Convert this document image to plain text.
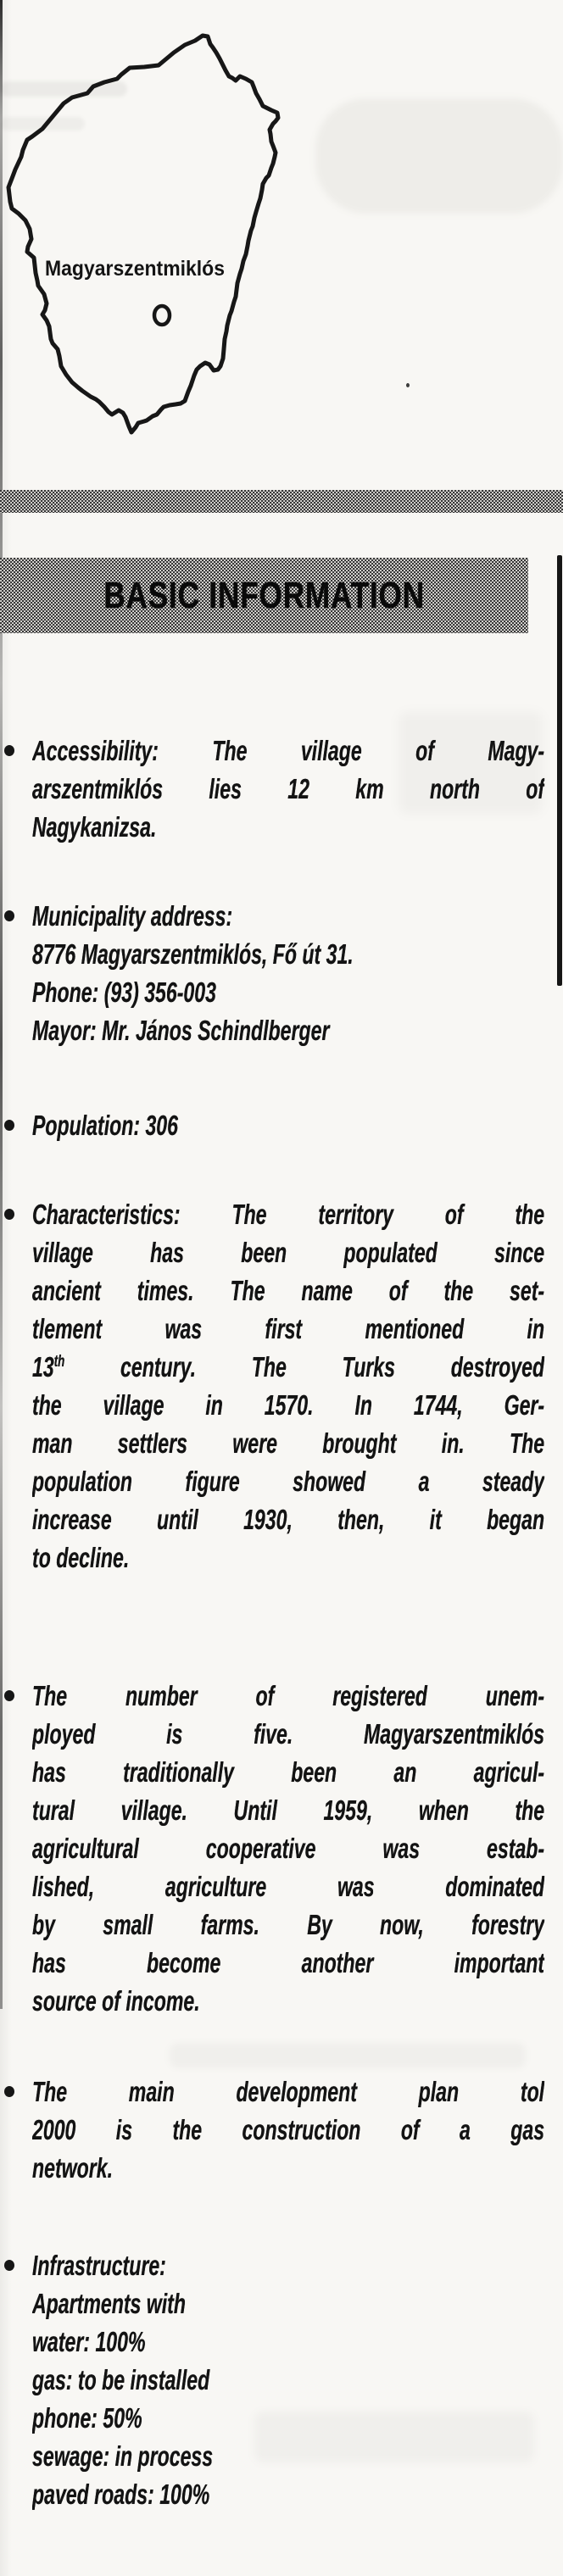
Magyarszentmiklós
BASIC INFORMATION
Accessibility: The village of Magy-
arszentmiklós lies 12 km north of
Nagykanizsa.
Municipality address:
8776 Magyarszentmiklós, Fő út 31.
Phone: (93) 356-003
Mayor: Mr. János Schindlberger
Population: 306
Characteristics: The territory of the
village has been populated since
ancient times. The name of the set-
tlement was first mentioned in
13th century. The Turks destroyed
the village in 1570. In 1744, Ger-
man settlers were brought in. The
population figure showed a steady
increase until 1930, then, it began
to decline.
The number of registered unem-
ployed is five. Magyarszentmiklós
has traditionally been an agricul-
tural village. Until 1959, when the
agricultural cooperative was estab-
lished, agriculture was dominated
by small farms. By now, forestry
has become another important
source of income.
The main development plan tol
2000 is the construction of a gas
network.
Infrastructure:
Apartments with
water: 100%
gas: to be installed
phone: 50%
sewage: in process
paved roads: 100%
